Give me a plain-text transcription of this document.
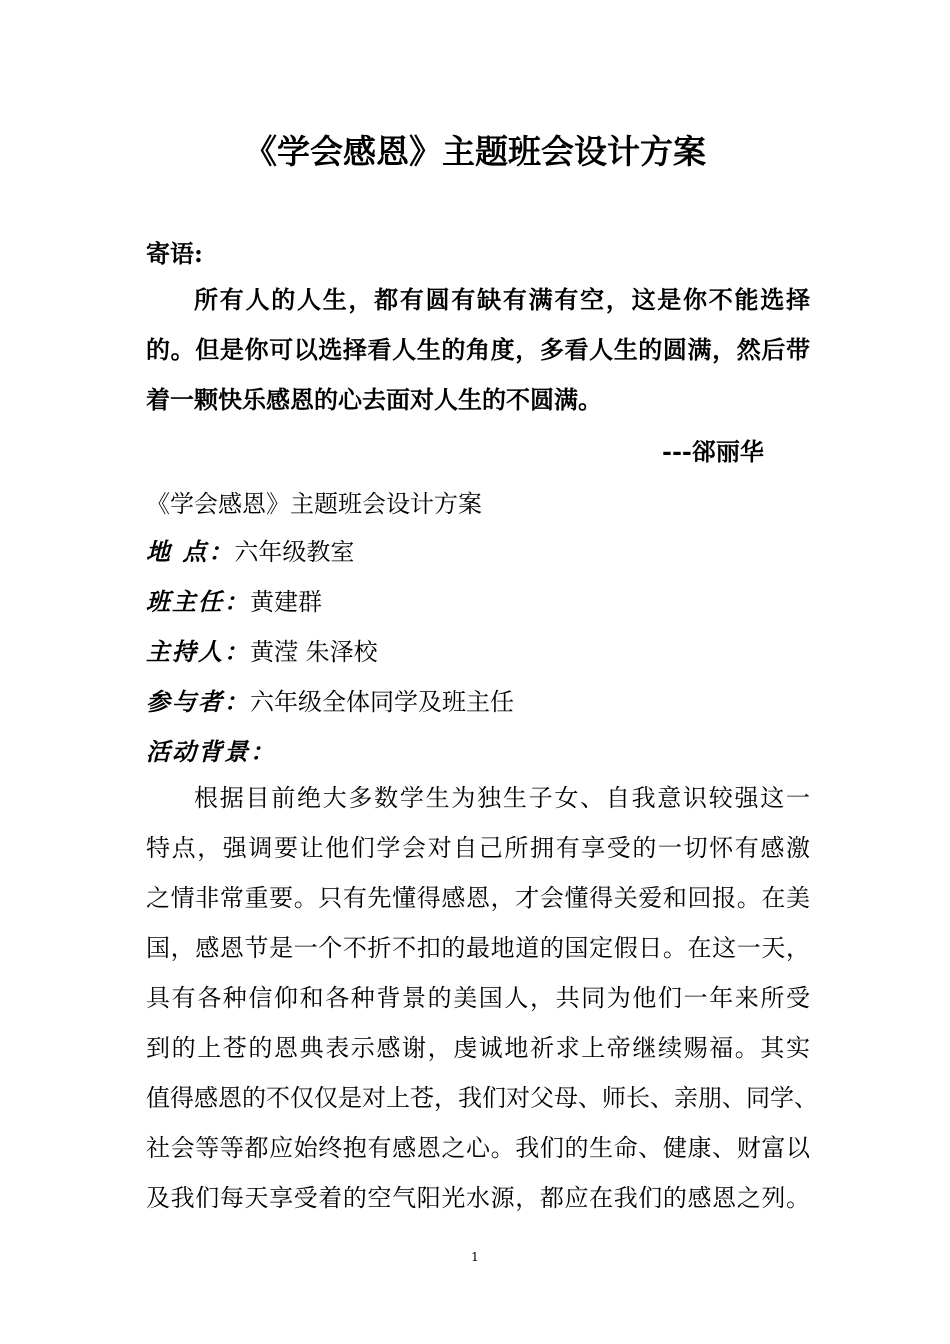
《学会感恩》主题班会设计方案
寄语:
所有人的人生，都有圆有缺有满有空，这是你不能选择
的。但是你可以选择看人生的角度，多看人生的圆满，然后带
着一颗快乐感恩的心去面对人生的不圆满。
---郤丽华
《学会感恩》主题班会设计方案
地 点：六年级教室
班主任：黄建群
主持人：黄滢 朱泽校
参与者：六年级全体同学及班主任
活动背景：
根据目前绝大多数学生为独生子女、自我意识较强这一
特点，强调要让他们学会对自己所拥有享受的一切怀有感激
之情非常重要。只有先懂得感恩，才会懂得关爱和回报。在美
国，感恩节是一个不折不扣的最地道的国定假日。在这一天，
具有各种信仰和各种背景的美国人，共同为他们一年来所受
到的上苍的恩典表示感谢，虔诚地祈求上帝继续赐福。其实
值得感恩的不仅仅是对上苍，我们对父母、师长、亲朋、同学、
社会等等都应始终抱有感恩之心。我们的生命、健康、财富以
及我们每天享受着的空气阳光水源，都应在我们的感恩之列。
1
